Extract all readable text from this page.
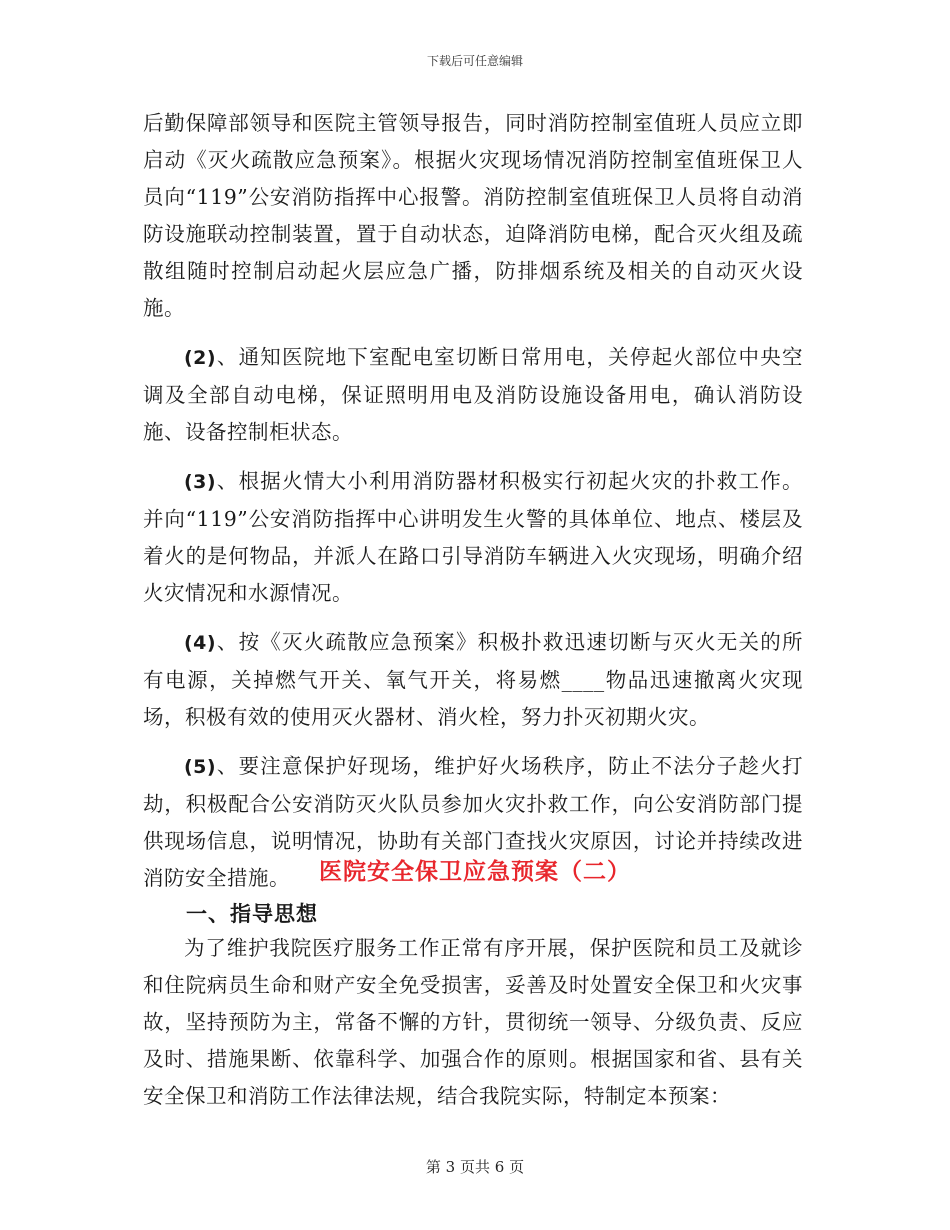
下载后可任意编辑

后勤保障部领导和医院主管领导报告，同时消防控制室值班人员应立即启动《灭火疏散应急预案》。根据火灾现场情况消防控制室值班保卫人员向“119”公安消防指挥中心报警。消防控制室值班保卫人员将自动消防设施联动控制装置，置于自动状态，迫降消防电梯，配合灭火组及疏散组随时控制启动起火层应急广播，防排烟系统及相关的自动灭火设施。

(2)、通知医院地下室配电室切断日常用电，关停起火部位中央空调及全部自动电梯，保证照明用电及消防设施设备用电，确认消防设施、设备控制柜状态。

(3)、根据火情大小利用消防器材积极实行初起火灾的扑救工作。并向“119”公安消防指挥中心讲明发生火警的具体单位、地点、楼层及着火的是何物品，并派人在路口引导消防车辆进入火灾现场，明确介绍火灾情况和水源情况。

(4)、按《灭火疏散应急预案》积极扑救迅速切断与灭火无关的所有电源，关掉燃气开关、氧气开关，将易燃____物品迅速撤离火灾现场，积极有效的使用灭火器材、消火栓，努力扑灭初期火灾。

(5)、要注意保护好现场，维护好火场秩序，防止不法分子趁火打劫，积极配合公安消防灭火队员参加火灾扑救工作，向公安消防部门提供现场信息，说明情况，协助有关部门查找火灾原因，讨论并持续改进消防安全措施。	医院安全保卫应急预案（二）
一、指导思想

为了维护我院医疗服务工作正常有序开展，保护医院和员工及就诊和住院病员生命和财产安全免受损害，妥善及时处置安全保卫和火灾事故，坚持预防为主，常备不懈的方针，贯彻统一领导、分级负责、反应及时、措施果断、依靠科学、加强合作的原则。根据国家和省、县有关安全保卫和消防工作法律法规，结合我院实际，特制定本预案：

第 3 页共 6 页
